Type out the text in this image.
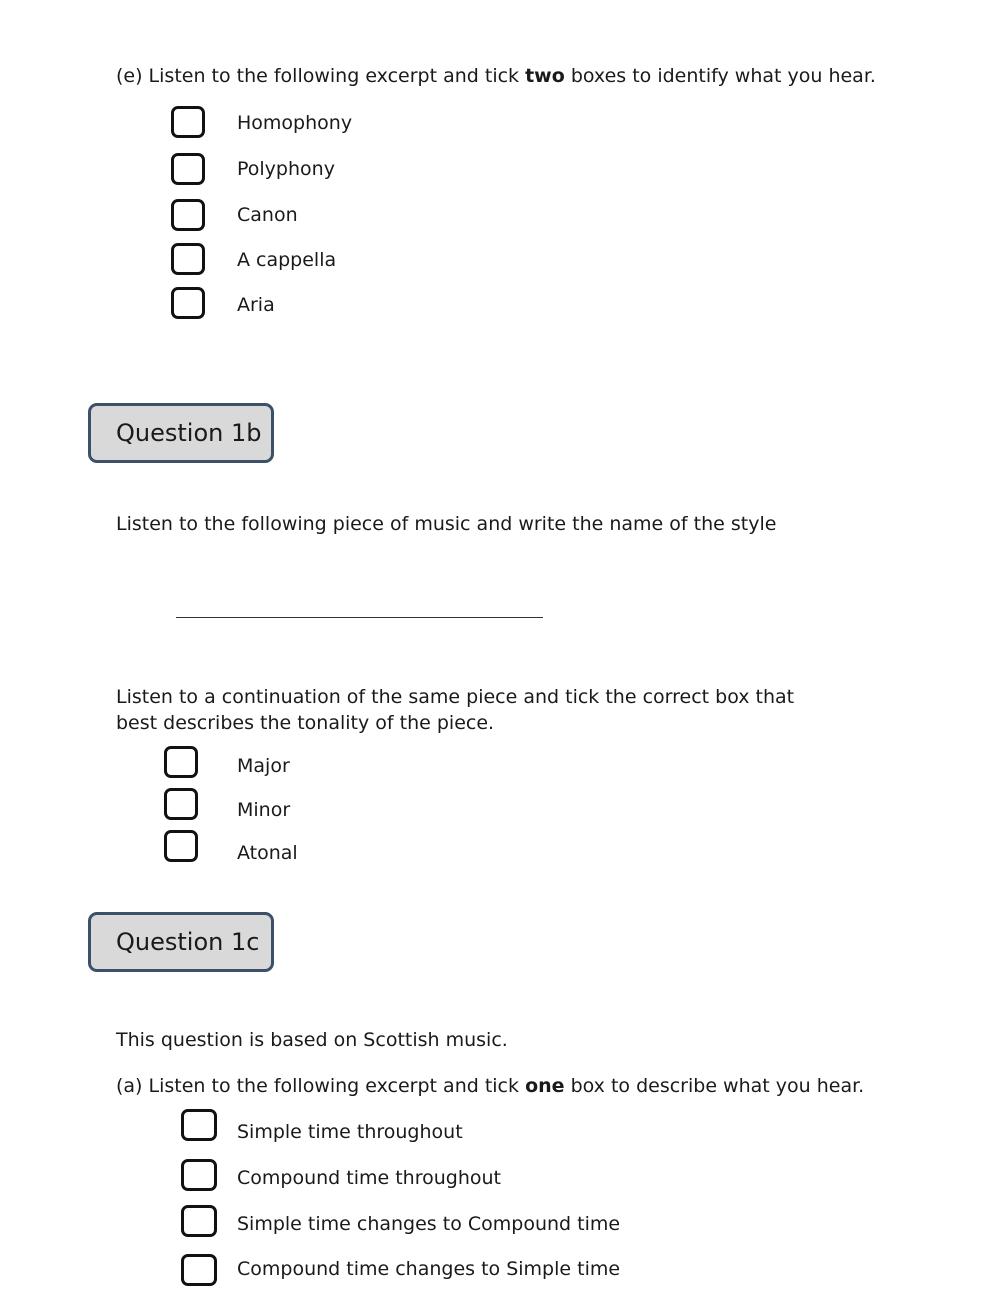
(e) Listen to the following excerpt and tick two boxes to identify what you hear.
Homophony
Polyphony
Canon
A cappella
Aria
Question 1b
Listen to the following piece of music and write the name of the style
Listen to a continuation of the same piece and tick the correct box that best describes the tonality of the piece.
Major
Minor
Atonal
Question 1c
This question is based on Scottish music.
(a) Listen to the following excerpt and tick one box to describe what you hear.
Simple time throughout
Compound time throughout
Simple time changes to Compound time
Compound time changes to Simple time
